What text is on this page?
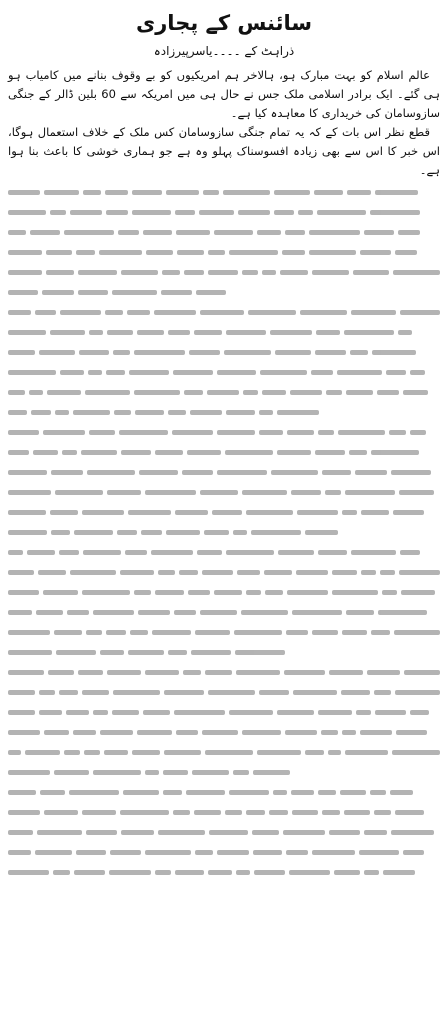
سائنس کے پجاری
ذراہٹ کے ۔۔۔۔یاسرپیرزادہ

عالم اسلام کو بہت مبارک ہو، ہالاخر ہم امریکیوں کو بے وقوف بنانے میں کامیاب ہو ہی گئے۔ ایک برادر اسلامی ملک جس نے حال ہی میں امریکہ سے 60 بلین ڈالر کے جنگی سازوسامان کی خریداری کا معاہدہ کیا ہے۔

قطع نظر اس بات کے کہ یہ تمام جنگی سازوسامان کس ملک کے خلاف استعمال ہوگا، اس خبر کا اس سے بھی زیادہ افسوسناک پہلو وہ ہے جو ہماری خوشی کا باعث بنا ہوا ہے۔
